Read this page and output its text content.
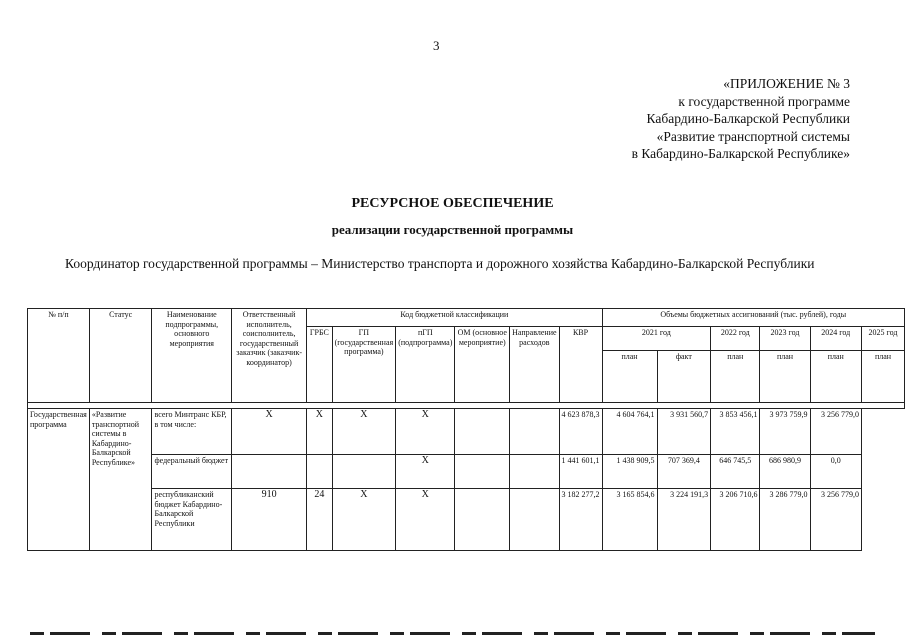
3
«ПРИЛОЖЕНИЕ № 3
к государственной программе
Кабардино-Балкарской Республики
«Развитие транспортной системы
в Кабардино-Балкарской Республике»
РЕСУРСНОЕ ОБЕСПЕЧЕНИЕ
реализации государственной программы
Координатор государственной программы – Министерство транспорта и дорожного хозяйства Кабардино-Балкарской Республики
№ п/п	Статус	Наименование подпрограммы, основного мероприятия	Ответственный исполнитель, соисполнитель, государственный заказчик (заказчик-координатор)	Код бюджетной классификации						Объемы бюджетных ассигнований (тыс. рублей), годы					
				ГРБС	ГП (государственная программа)	пГП (подпрограмма)	ОМ (основное мероприятие)	Направление расходов	КВР	2021 год		2022 год	2023 год	2024 год	2025 год
										план	факт	план	план	план	план

Государственная программа	«Развитие транспортной системы в Кабардино-Балкарской Республике»	всего Минтранс КБР, в том числе:	Х	Х	Х	Х			4 623 878,3	4 604 764,1	3 931 560,7	3 853 456,1	3 973 759,9	3 256 779,0	
		федеральный бюджет				Х			1 441 601,1	1 438 909,5	707 369,4	646 745,5	686 980,9	0,0	
		республиканский бюджет Кабардино-Балкарской Республики	910	24	Х	Х			3 182 277,2	3 165 854,6	3 224 191,3	3 206 710,6	3 286 779,0	3 256 779,0	
